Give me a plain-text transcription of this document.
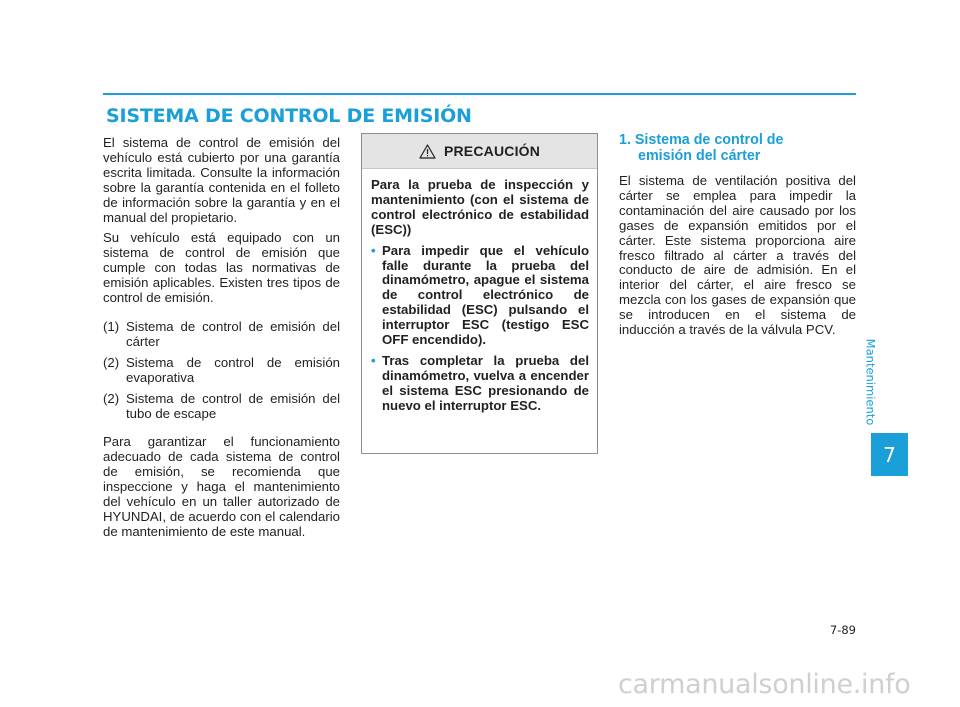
SISTEMA DE CONTROL DE EMISIÓN

El sistema de control de emisión del vehículo está cubierto por una garantía escrita limitada. Consulte la información sobre la garantía contenida en el folleto de información sobre la garantía y en el manual del propietario.

Su vehículo está equipado con un sistema de control de emisión que cumple con todas las normativas de emisión aplicables. Existen tres tipos de control de emisión.

(1) Sistema de control de emisión del cárter
(2) Sistema de control de emisión evaporativa
(2) Sistema de control de emisión del tubo de escape

Para garantizar el funcionamiento adecuado de cada sistema de control de emisión, se recomienda que inspeccione y haga el mantenimiento del vehículo en un taller autorizado de HYUNDAI, de acuerdo con el calendario de mantenimiento de este manual.

PRECAUCIÓN

Para la prueba de inspección y mantenimiento (con el sistema de control electrónico de estabilidad (ESC))

• Para impedir que el vehículo falle durante la prueba del dinamómetro, apague el sistema de control electrónico de estabilidad (ESC) pulsando el interruptor ESC (testigo ESC OFF encendido).
• Tras completar la prueba del dinamómetro, vuelva a encender el sistema ESC presionando de nuevo el interruptor ESC.
1. Sistema de control de
emisión del cárter

El sistema de ventilación positiva del cárter se emplea para impedir la contaminación del aire causado por los gases de expansión emitidos por el cárter. Este sistema proporciona aire fresco filtrado al cárter a través del conducto de aire de admisión. En el interior del cárter, el aire fresco se mezcla con los gases de expansión que se introducen en el sistema de inducción a través de la válvula PCV.

Mantenimiento
7
7-89
carmanualsonline.info
